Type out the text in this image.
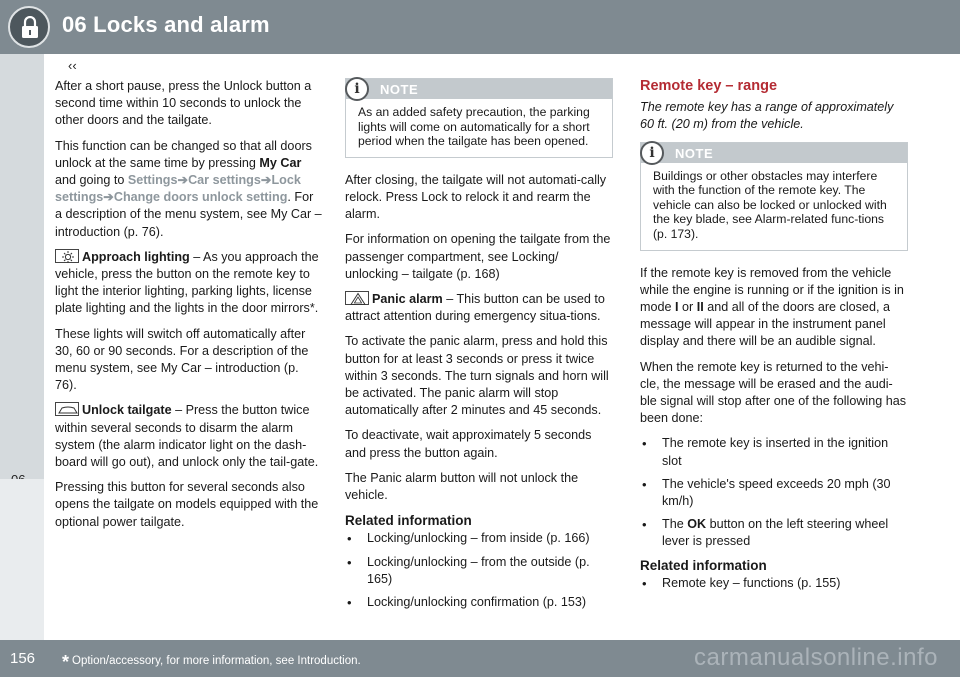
06 Locks and alarm
‹‹

After a short pause, press the Unlock button a second time within 10 seconds to unlock the other doors and the tailgate.

This function can be changed so that all doors unlock at the same time by pressing My Car and going to Settings➔Car settings➔Lock settings➔Change doors unlock setting. For a description of the menu system, see My Car – introduction (p. 76).

Approach lighting – As you approach the vehicle, press the button on the remote key to light the interior lighting, parking lights, license plate lighting and the lights in the door mirrors*.

These lights will switch off automatically after 30, 60 or 90 seconds. For a description of the menu system, see My Car – introduction (p. 76).

Unlock tailgate – Press the button twice within several seconds to disarm the alarm system (the alarm indicator light on the dash-board will go out), and unlock only the tail-gate.

Pressing this button for several seconds also opens the tailgate on models equipped with the optional power tailgate.

i	NOTE
As an added safety precaution, the parking lights will come on automatically for a short period when the tailgate has been opened.

After closing, the tailgate will not automati-cally relock. Press Lock to relock it and rearm the alarm.

For information on opening the tailgate from the passenger compartment, see Locking/ unlocking – tailgate (p. 168)

Panic alarm – This button can be used to attract attention during emergency situa-tions.

To activate the panic alarm, press and hold this button for at least 3 seconds or press it twice within 3 seconds. The turn signals and horn will be activated. The panic alarm will stop automatically after 2 minutes and 45 seconds.

To deactivate, wait approximately 5 seconds and press the button again.

The Panic alarm button will not unlock the vehicle.

Related information
• Locking/unlocking – from inside (p. 166)
• Locking/unlocking – from the outside (p. 165)
• Locking/unlocking confirmation (p. 153)
Remote key – range

The remote key has a range of approximately 60 ft. (20 m) from the vehicle.

i	NOTE
Buildings or other obstacles may interfere with the function of the remote key. The vehicle can also be locked or unlocked with the key blade, see Alarm-related func-tions (p. 173).

If the remote key is removed from the vehicle while the engine is running or if the ignition is in mode I or II and all of the doors are closed, a message will appear in the instrument panel display and there will be an audible signal.

When the remote key is returned to the vehi-cle, the message will be erased and the audi-ble signal will stop after one of the following has been done:

• The remote key is inserted in the ignition slot
• The vehicle's speed exceeds 20 mph (30 km/h)
• The OK button on the left steering wheel lever is pressed
Related information
• Remote key – functions (p. 155)
156 * Option/accessory, for more information, see Introduction.	carmanualsonline.info
